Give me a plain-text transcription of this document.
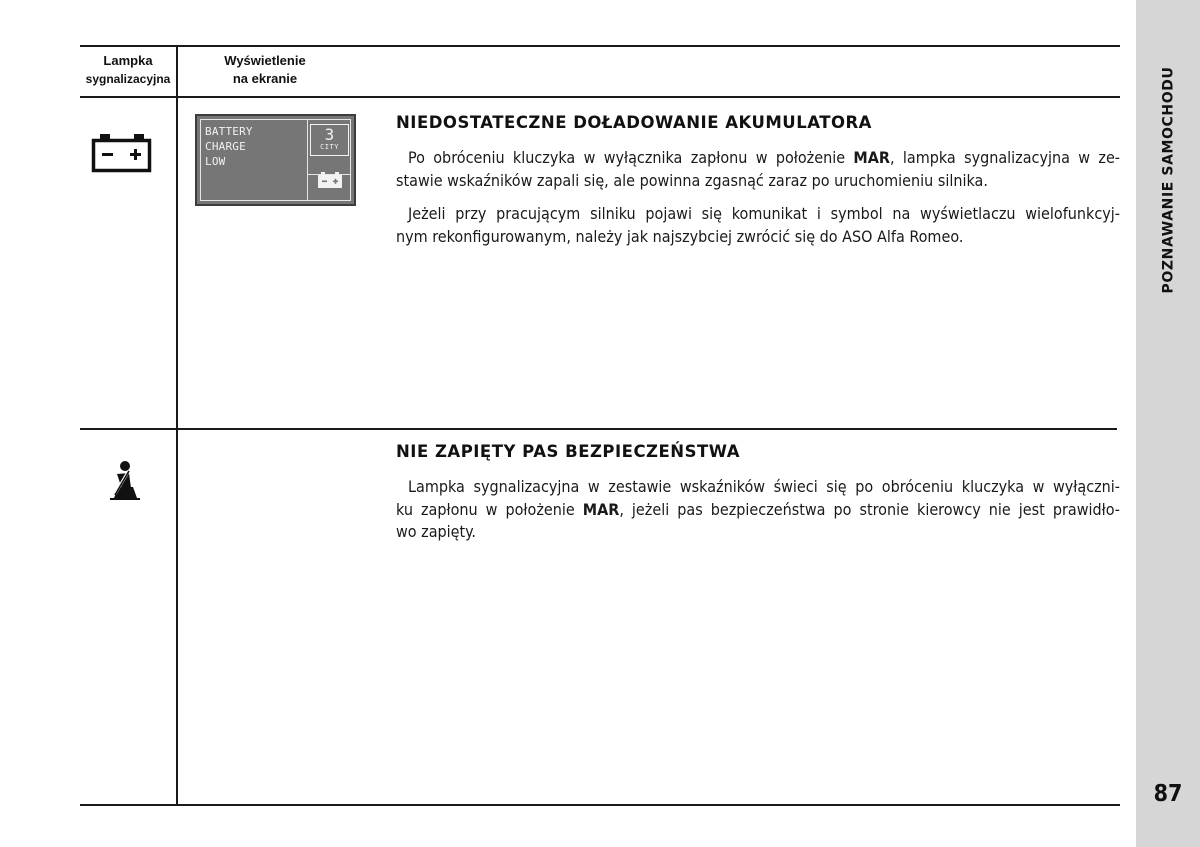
POZNAWANIE SAMOCHODU
87
Lampka
sygnalizacyjna
Wyświetlenie
na ekranie
BATTERY
CHARGE
LOW
3
CITY
NIEDOSTATECZNE DOŁADOWANIE AKUMULATORA
Po obróceniu kluczyka w wyłącznika zapłonu w położenie MAR, lampka sygnalizacyjna w ze-
stawie wskaźników zapali się, ale powinna zgasnąć zaraz po uruchomieniu silnika.
Jeżeli przy pracującym silniku pojawi się komunikat i symbol na wyświetlaczu wielofunkcyj-
nym rekonfigurowanym, należy jak najszybciej zwrócić się do ASO Alfa Romeo.
NIE ZAPIĘTY PAS BEZPIECZEŃSTWA
Lampka sygnalizacyjna w zestawie wskaźników świeci się po obróceniu kluczyka w wyłączni-
ku zapłonu w położenie MAR, jeżeli pas bezpieczeństwa po stronie kierowcy nie jest prawidło-
wo zapięty.
